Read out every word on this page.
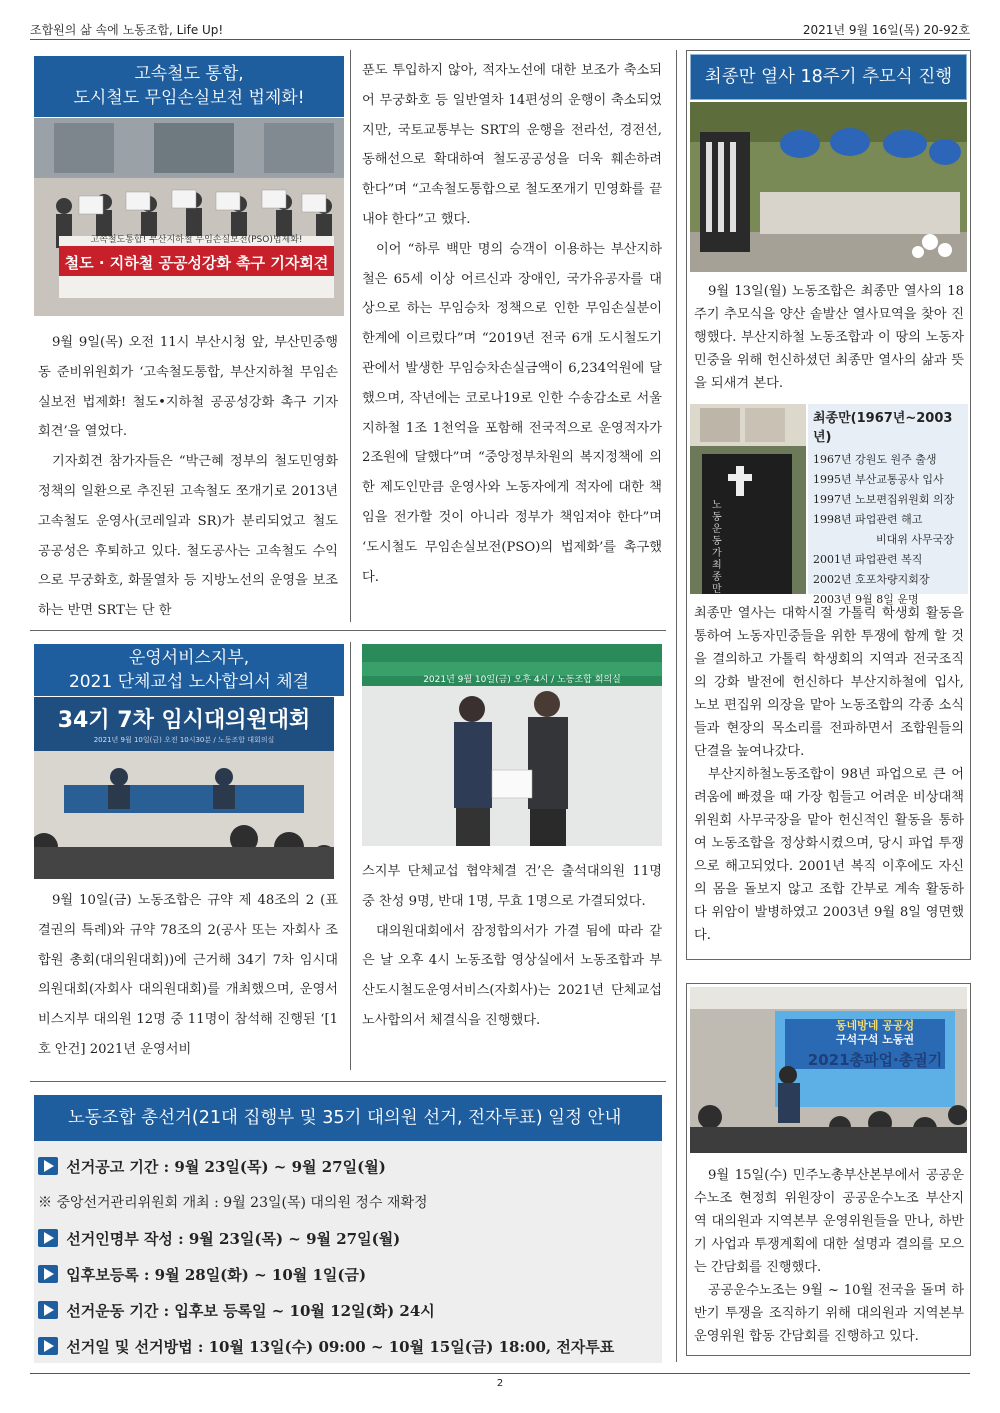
조합원의 삶 속에 노동조합, Life Up!	2021년 9월 16일(목) 20-92호
고속철도 통합,
도시철도 무임손실보전 법제화!
고속철도통합! 부산지하철 무임손실보전(PSO)법제화!
철도 · 지하철 공공성강화 촉구 기자회견

9월 9일(목) 오전 11시 부산시청 앞, 부산민중행동 준비위원회가 ‘고속철도통합, 부산지하철 무임손실보전 법제화! 철도•지하철 공공성강화 촉구 기자회견’을 열었다.

기자회견 참가자들은 “박근혜 정부의 철도민영화 정책의 일환으로 추진된 고속철도 쪼개기로 2013년 고속철도 운영사(코레일과 SR)가 분리되었고 철도공공성은 후퇴하고 있다. 철도공사는 고속철도 수익으로 무궁화호, 화물열차 등 지방노선의 운영을 보조하는 반면 SRT는 단 한

푼도 투입하지 않아, 적자노선에 대한 보조가 축소되어 무궁화호 등 일반열차 14편성의 운행이 축소되었지만, 국토교통부는 SRT의 운행을 전라선, 경전선, 동해선으로 확대하여 철도공공성을 더욱 훼손하려 한다”며 “고속철도통합으로 철도쪼개기 민영화를 끝내야 한다”고 했다.

이어 “하루 백만 명의 승객이 이용하는 부산지하철은 65세 이상 어르신과 장애인, 국가유공자를 대상으로 하는 무임승차 정책으로 인한 무임손실분이 한계에 이르렀다”며 “2019년 전국 6개 도시철도기관에서 발생한 무임승차손실금액이 6,234억원에 달했으며, 작년에는 코로나19로 인한 수송감소로 서울지하철 1조 1천억을 포함해 전국적으로 운영적자가 2조원에 달했다”며 “중앙정부차원의 복지정책에 의한 제도인만큼 운영사와 노동자에게 적자에 대한 책임을 전가할 것이 아니라 정부가 책임져야 한다”며 ‘도시철도 무임손실보전(PSO)의 법제화’를 촉구했다.

운영서비스지부,
2021 단체교섭 노사합의서 체결
34기 7차 임시대의원대회
2021년 9월 10일(금) 오전 10시30분 / 노동조합 대회의실
2021년 9월 10일(금) 오후 4시 / 노동조합 회의실

9월 10일(금) 노동조합은 규약 제 48조의 2 (표결권의 특례)와 규약 78조의 2(공사 또는 자회사 조합원 총회(대의원대회))에 근거해 34기 7차 임시대의원대회(자회사 대의원대회)를 개최했으며, 운영서비스지부 대의원 12명 중 11명이 참석해 진행된 ‘[1호 안건] 2021년 운영서비

스지부 단체교섭 협약체결 건’은 출석대의원 11명 중 찬성 9명, 반대 1명, 무효 1명으로 가결되었다.

대의원대회에서 잠정합의서가 가결 됨에 따라 같은 날 오후 4시 노동조합 영상실에서 노동조합과 부산도시철도운영서비스(자회사)는 2021년 단체교섭 노사합의서 체결식을 진행했다.

노동조합 총선거(21대 집행부 및 35기 대의원 선거, 전자투표) 일정 안내
선거공고 기간 : 9월 23일(목) ~ 9월 27일(월)
※ 중앙선거관리위원회 개최 : 9월 23일(목) 대의원 정수 재확정
선거인명부 작성 : 9월 23일(목) ~ 9월 27일(월)
입후보등록 : 9월 28일(화) ~ 10월 1일(금)
선거운동 기간 : 입후보 등록일 ~ 10월 12일(화) 24시
선거일 및 선거방법 : 10월 13일(수) 09:00 ~ 10월 15일(금) 18:00, 전자투표
최종만 열사 18주기 추모식 진행

9월 13일(월) 노동조합은 최종만 열사의 18주기 추모식을 양산 솥발산 열사묘역을 찾아 진행했다. 부산지하철 노동조합과 이 땅의 노동자민중을 위해 헌신하셨던 최종만 열사의 삶과 뜻을 되새겨 본다.

노동운동가 최종만
최종만(1967년~2003년)
1967년 강원도 원주 출생
1995년 부산교통공사 입사
1997년 노보편집위원회 의장
1998년 파업관련 해고
비대위 사무국장
2001년 파업관련 복직
2002년 호포차량지회장
2003년 9월 8일 운명

최종만 열사는 대학시절 가톨릭 학생회 활동을 통하여 노동자민중들을 위한 투쟁에 함께 할 것을 결의하고 가톨릭 학생회의 지역과 전국조직의 강화 발전에 헌신하다 부산지하철에 입사, 노보 편집위 의장을 맡아 노동조합의 각종 소식들과 현장의 목소리를 전파하면서 조합원들의 단결을 높여나갔다.

부산지하철노동조합이 98년 파업으로 큰 어려움에 빠졌을 때 가장 힘들고 어려운 비상대책위원회 사무국장을 맡아 헌신적인 활동을 통하여 노동조합을 정상화시켰으며, 당시 파업 투쟁으로 해고되었다. 2001년 복직 이후에도 자신의 몸을 돌보지 않고 조합 간부로 계속 활동하다 위암이 발병하였고 2003년 9월 8일 영면했다.

동네방네 공공성
구석구석 노동권
2021총파업·총궐기

9월 15일(수) 민주노총부산본부에서 공공운수노조 현정희 위원장이 공공운수노조 부산지역 대의원과 지역본부 운영위원들을 만나, 하반기 사업과 투쟁계획에 대한 설명과 결의를 모으는 간담회를 진행했다.

공공운수노조는 9월 ~ 10월 전국을 돌며 하반기 투쟁을 조직하기 위해 대의원과 지역본부 운영위원 합동 간담회를 진행하고 있다.

2
